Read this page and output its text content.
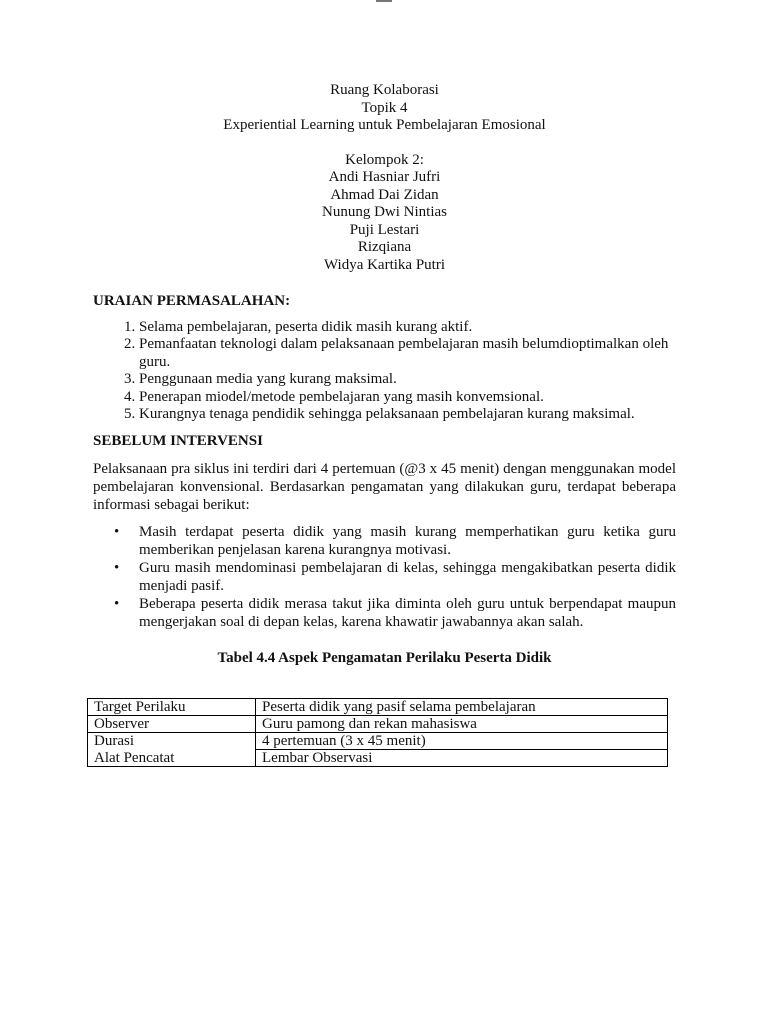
Ruang Kolaborasi
Topik 4
Experiential Learning untuk Pembelajaran Emosional
Kelompok 2:
Andi Hasniar Jufri
Ahmad Dai Zidan
Nunung Dwi Nintias
Puji Lestari
Rizqiana
Widya Kartika Putri
URAIAN PERMASALAHAN:
1. Selama pembelajaran, peserta didik masih kurang aktif.
2. Pemanfaatan teknologi dalam pelaksanaan pembelajaran masih belumdioptimalkan oleh guru.
3. Penggunaan media yang kurang maksimal.
4. Penerapan miodel/metode pembelajaran yang masih konvemsional.
5. Kurangnya tenaga pendidik sehingga pelaksanaan pembelajaran kurang maksimal.
SEBELUM INTERVENSI

Pelaksanaan pra siklus ini terdiri dari 4 pertemuan (@3 x 45 menit) dengan menggunakan model pembelajaran konvensional. Berdasarkan pengamatan yang dilakukan guru, terdapat beberapa informasi sebagai berikut:

• Masih terdapat peserta didik yang masih kurang memperhatikan guru ketika guru memberikan penjelasan karena kurangnya motivasi.
• Guru masih mendominasi pembelajaran di kelas, sehingga mengakibatkan peserta didik menjadi pasif.
• Beberapa peserta didik merasa takut jika diminta oleh guru untuk berpendapat maupun mengerjakan soal di depan kelas, karena khawatir jawabannya akan salah.
Tabel 4.4 Aspek Pengamatan Perilaku Peserta Didik
Target Perilaku	Peserta didik yang pasif selama pembelajaran
Observer	Guru pamong dan rekan mahasiswa
Durasi	4 pertemuan (3 x 45 menit)
Alat Pencatat	Lembar Observasi
